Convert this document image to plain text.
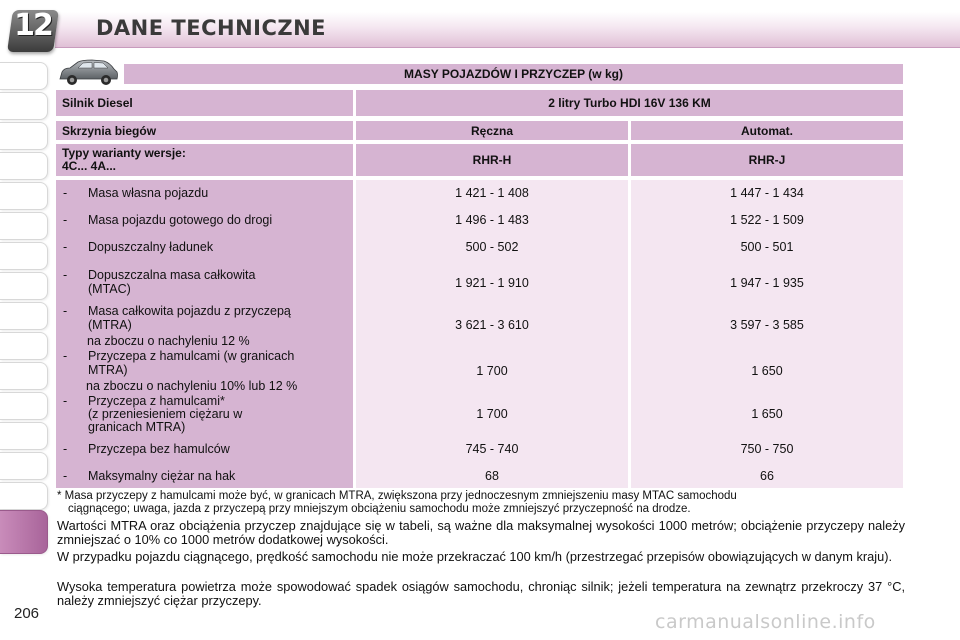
12 DANE TECHNICZNE
MASY POJAZDÓW I PRZYCZEP (w kg)
Silnik Diesel	2 litry Turbo HDI 16V 136 KM
Skrzynia biegów	Ręczna	Automat.
Typy warianty wersje:
4C... 4A...	RHR-H	RHR-J
- Masa własna pojazdu	1 421 - 1 408	1 447 - 1 434
- Masa pojazdu gotowego do drogi	1 496 - 1 483	1 522 - 1 509
- Dopuszczalny ładunek	500 - 502	500 - 501
- Dopuszczalna masa całkowita
(MTAC)	1 921 - 1 910	1 947 - 1 935
- Masa całkowita pojazdu z przyczepą
(MTRA)
na zboczu o nachyleniu 12 %
3 621 - 3 610	3 597 - 3 585
- Przyczepa z hamulcami (w granicach
MTRA)
na zboczu o nachyleniu 10% lub 12 %
1 700	1 650
- Przyczepa z hamulcami*
(z przeniesieniem ciężaru w
granicach MTRA)
1 700	1 650
- Przyczepa bez hamulców	745 - 740	750 - 750
- Maksymalny ciężar na hak	68	66
* Masa przyczepy z hamulcami może być, w granicach MTRA, zwiększona przy jednoczesnym zmniejszeniu masy MTAC samochodu
ciągnącego; uwaga, jazda z przyczepą przy mniejszym obciążeniu samochodu może zmniejszyć przyczepność na drodze.
Wartości MTRA oraz obciążenia przyczep znajdujące się w tabeli, są ważne dla maksymalnej wysokości 1000 metrów; obciążenie przyczepy należy zmniejszać o 10% co 1000 metrów dodatkowej wysokości.
W przypadku pojazdu ciągnącego, prędkość samochodu nie może przekraczać 100 km/h (przestrzegać przepisów obowiązujących w danym kraju).
Wysoka temperatura powietrza może spowodować spadek osiągów samochodu, chroniąc silnik; jeżeli temperatura na zewnątrz przekroczy 37 °C, należy zmniejszyć ciężar przyczepy.
206	carmanualsonline.info
